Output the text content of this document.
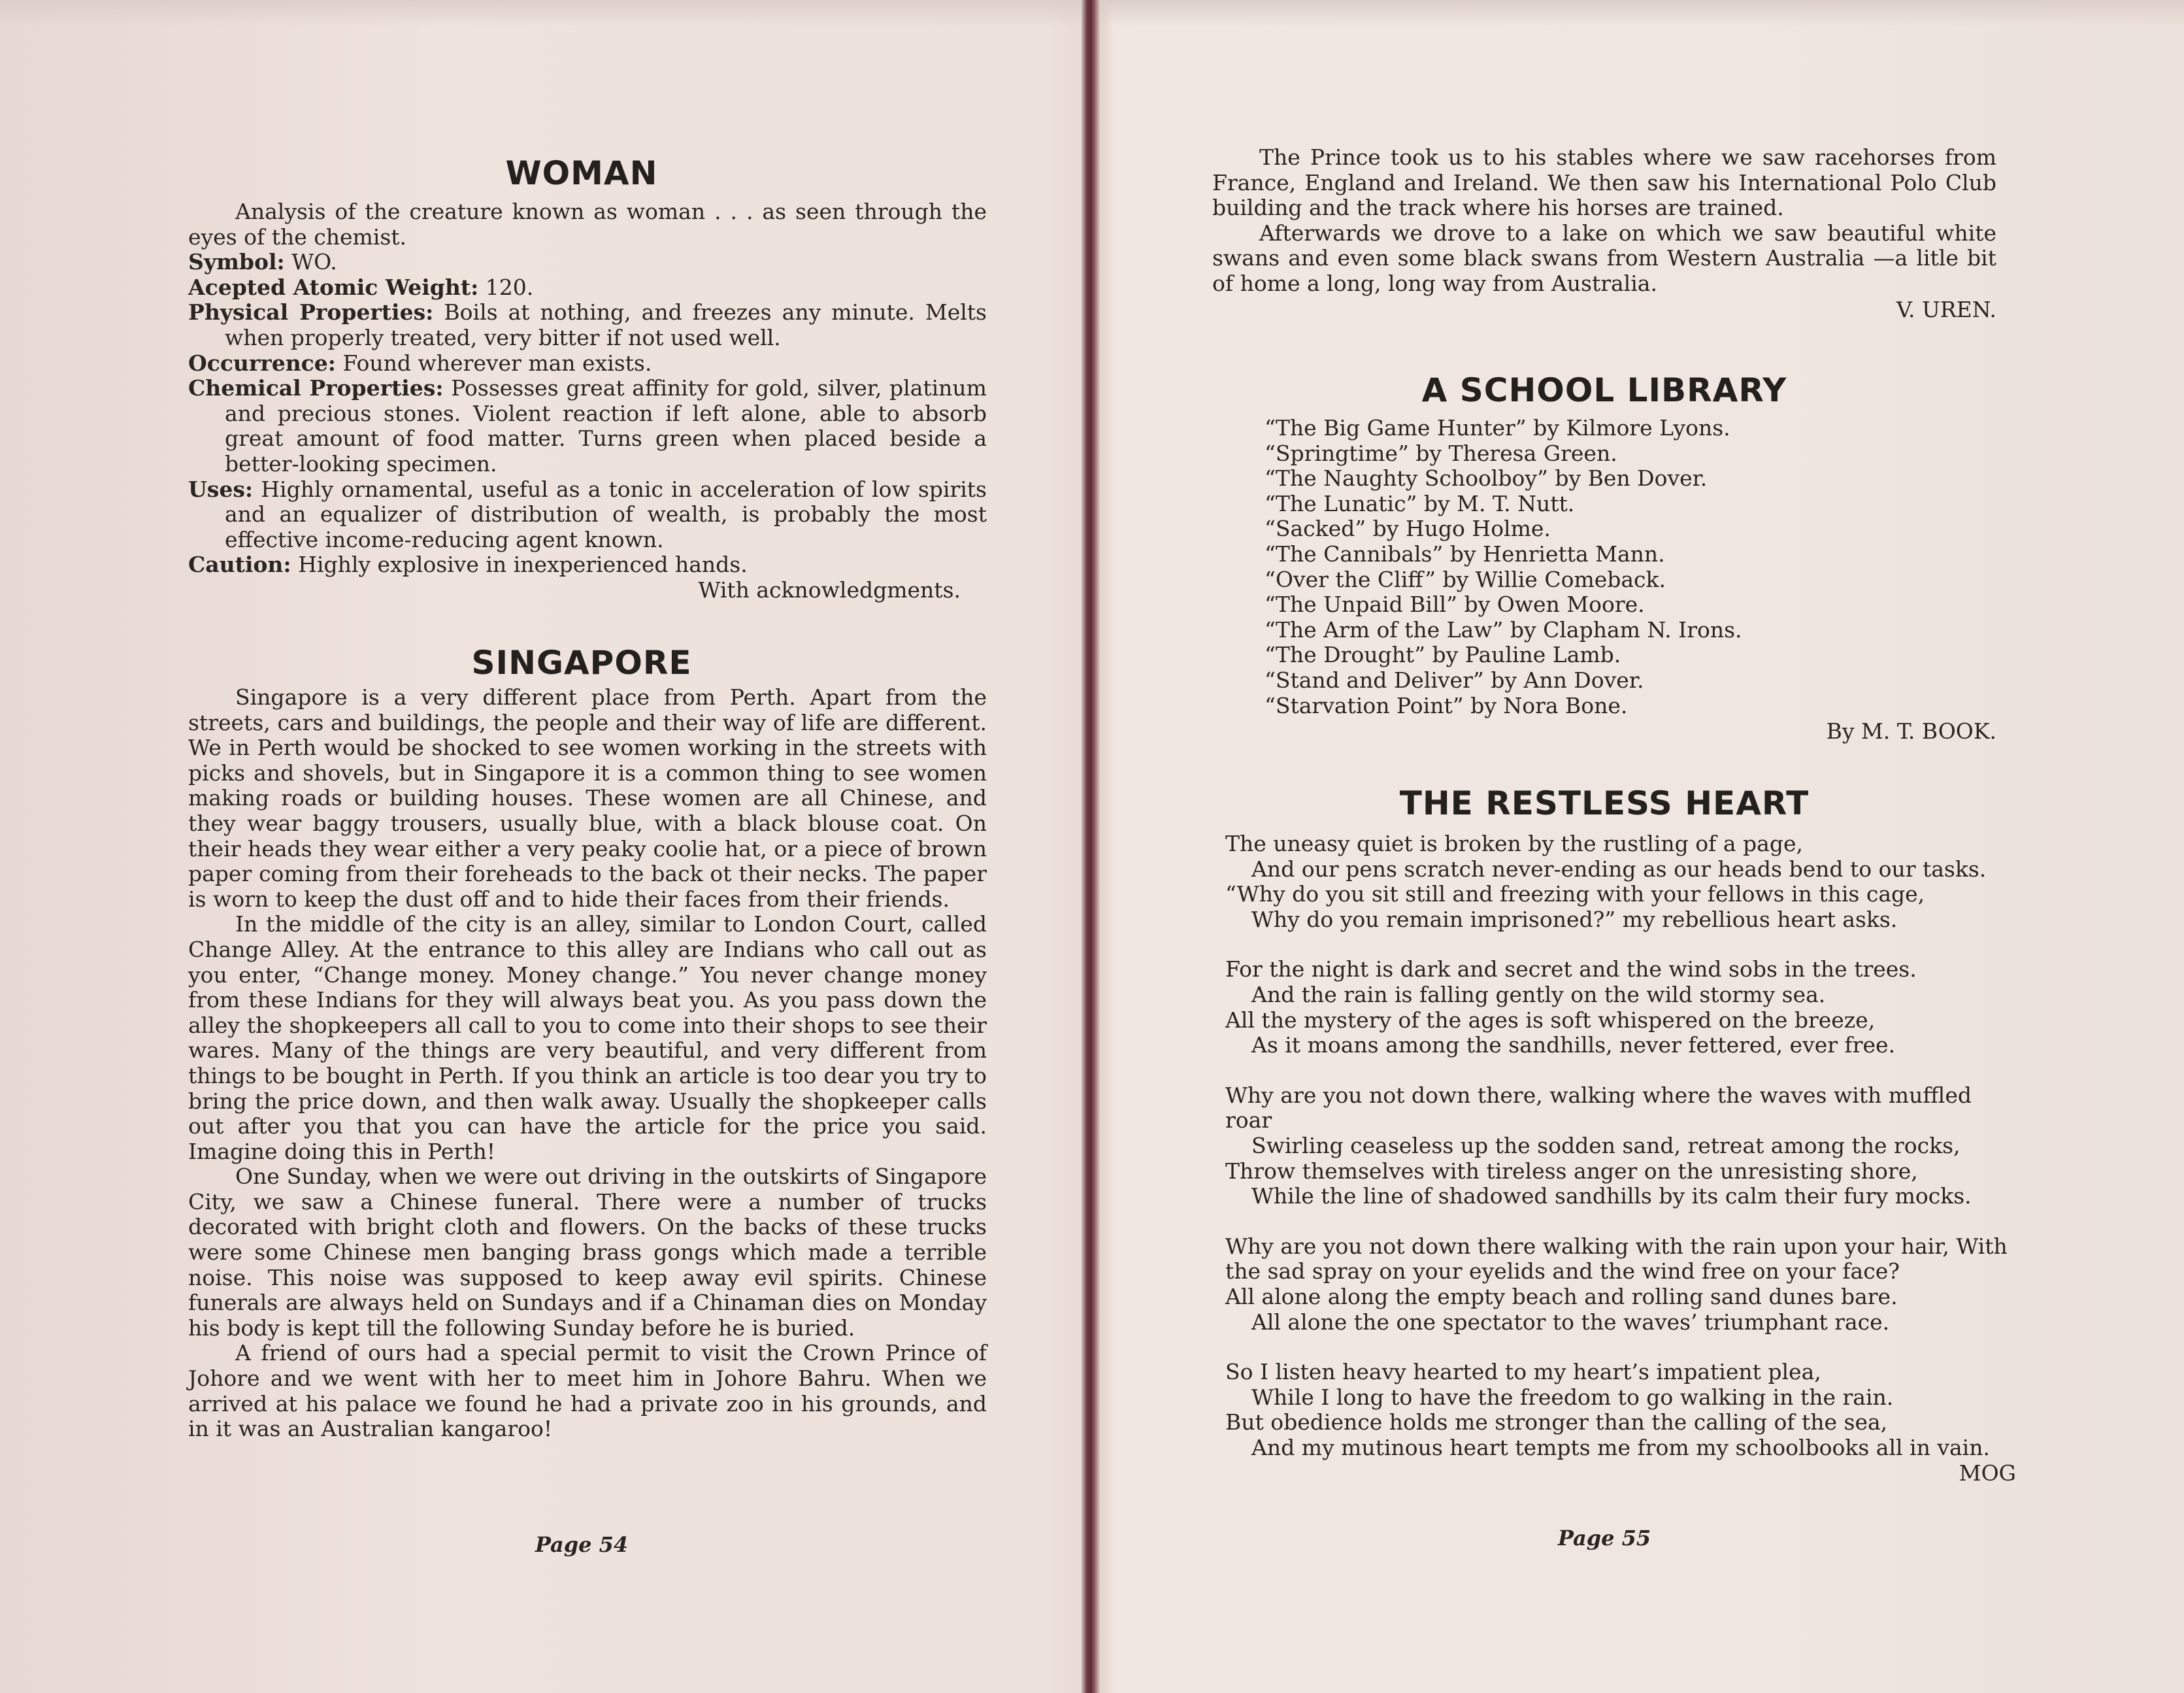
WOMAN

Analysis of the creature known as woman . . . as seen through the eyes of the chemist.

Symbol: WO.

Acepted Atomic Weight: 120.

Physical Properties: Boils at nothing, and freezes any minute. Melts when properly treated, very bitter if not used well.

Occurrence: Found wherever man exists.

Chemical Properties: Possesses great affinity for gold, silver, platinum and precious stones. Violent reaction if left alone, able to absorb great amount of food matter. Turns green when placed beside a better-looking specimen.

Uses: Highly ornamental, useful as a tonic in acceleration of low spirits and an equalizer of distribution of wealth, is probably the most effective income-reducing agent known.

Caution: Highly explosive in inexperienced hands.

With acknowledgments.

SINGAPORE

Singapore is a very different place from Perth. Apart from the streets, cars and buildings, the people and their way of life are different. We in Perth would be shocked to see women working in the streets with picks and shovels, but in Singapore it is a common thing to see women making roads or building houses. These women are all Chinese, and they wear baggy trousers, usually blue, with a black blouse coat. On their heads they wear either a very peaky coolie hat, or a piece of brown paper coming from their foreheads to the back ot their necks. The paper is worn to keep the dust off and to hide their faces from their friends.

In the middle of the city is an alley, similar to London Court, called Change Alley. At the entrance to this alley are Indians who call out as you enter, “Change money. Money change.” You never change money from these Indians for they will always beat you. As you pass down the alley the shopkeepers all call to you to come into their shops to see their wares. Many of the things are very beautiful, and very different from things to be bought in Perth. If you think an article is too dear you try to bring the price down, and then walk away. Usually the shopkeeper calls out after you that you can have the article for the price you said. Imagine doing this in Perth!

One Sunday, when we were out driving in the outskirts of Singapore City, we saw a Chinese funeral. There were a number of trucks decorated with bright cloth and flowers. On the backs of these trucks were some Chinese men banging brass gongs which made a terrible noise. This noise was supposed to keep away evil spirits. Chinese funerals are always held on Sundays and if a Chinaman dies on Monday his body is kept till the following Sunday before he is buried.

A friend of ours had a special permit to visit the Crown Prince of Johore and we went with her to meet him in Johore Bahru. When we arrived at his palace we found he had a private zoo in his grounds, and in it was an Australian kangaroo!

Page 54

The Prince took us to his stables where we saw racehorses from France, England and Ireland. We then saw his International Polo Club building and the track where his horses are trained.

Afterwards we drove to a lake on which we saw beautiful white swans and even some black swans from Western Australia —a litle bit of home a long, long way from Australia.

V. UREN.

A SCHOOL LIBRARY

“The Big Game Hunter” by Kilmore Lyons.

“Springtime” by Theresa Green.

“The Naughty Schoolboy” by Ben Dover.

“The Lunatic” by M. T. Nutt.

“Sacked” by Hugo Holme.

“The Cannibals” by Henrietta Mann.

“Over the Cliff” by Willie Comeback.

“The Unpaid Bill” by Owen Moore.

“The Arm of the Law” by Clapham N. Irons.

“The Drought” by Pauline Lamb.

“Stand and Deliver” by Ann Dover.

“Starvation Point” by Nora Bone.

By M. T. BOOK.

THE RESTLESS HEART

The uneasy quiet is broken by the rustling of a page,

And our pens scratch never-ending as our heads bend to our tasks.

“Why do you sit still and freezing with your fellows in this cage,

Why do you remain imprisoned?” my rebellious heart asks.

For the night is dark and secret and the wind sobs in the trees.

And the rain is falling gently on the wild stormy sea.

All the mystery of the ages is soft whispered on the breeze,

As it moans among the sandhills, never fettered, ever free.

Why are you not down there, walking where the waves with muffled roar

Swirling ceaseless up the sodden sand, retreat among the rocks,

Throw themselves with tireless anger on the unresisting shore,

While the line of shadowed sandhills by its calm their fury mocks.

Why are you not down there walking with the rain upon your hair, With the sad spray on your eyelids and the wind free on your face?

All alone along the empty beach and rolling sand dunes bare.

All alone the one spectator to the waves’ triumphant race.

So I listen heavy hearted to my heart’s impatient plea,

While I long to have the freedom to go walking in the rain.

But obedience holds me stronger than the calling of the sea,

And my mutinous heart tempts me from my schoolbooks all in vain.

MOG

Page 55
